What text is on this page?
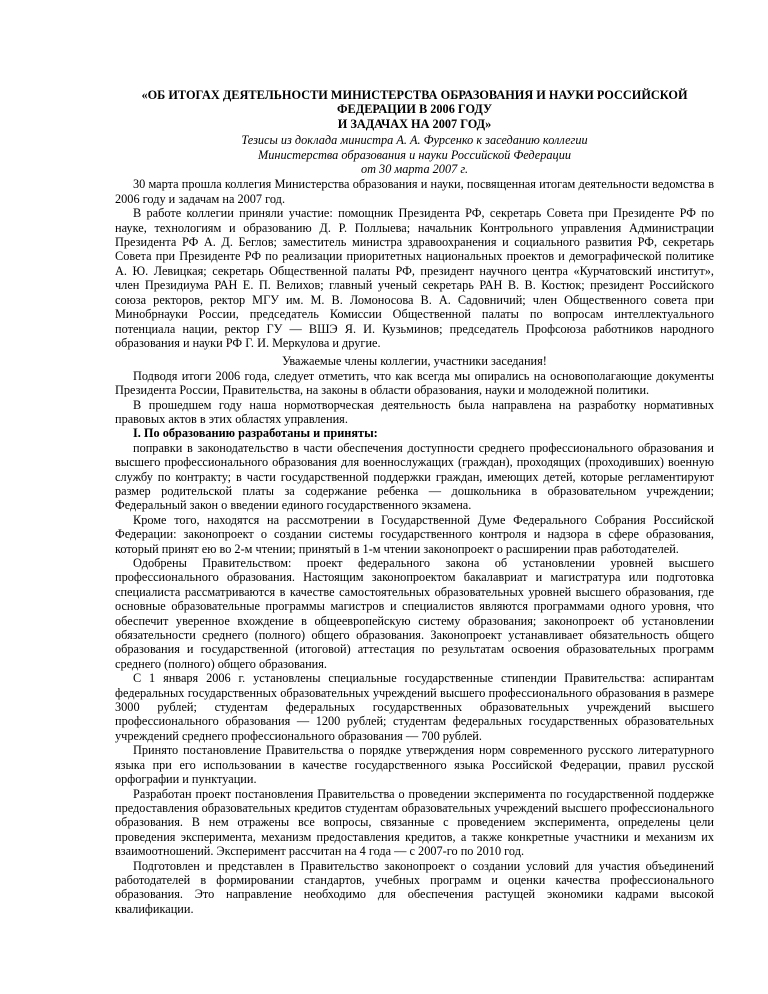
«ОБ ИТОГАХ ДЕЯТЕЛЬНОСТИ МИНИСТЕРСТВА ОБРАЗОВАНИЯ И НАУКИ РОССИЙСКОЙ
ФЕДЕРАЦИИ В 2006 ГОДУ
И ЗАДАЧАХ НА 2007 ГОД»
Тезисы из доклада министра А. А. Фурсенко к заседанию коллегии
Министерства образования и науки Российской Федерации
от 30 марта 2007 г.

30 марта прошла коллегия Министерства образования и науки, посвященная итогам деятельности ведомства в 2006 году и задачам на 2007 год.

В работе коллегии приняли участие: помощник Президента РФ, секретарь Совета при Президенте РФ по науке, технологиям и образованию Д. Р. Поллыева; начальник Контрольного управления Администрации Президента РФ А. Д. Беглов; заместитель министра здравоохранения и социального развития РФ, секретарь Совета при Президенте РФ по реализации приоритетных национальных проектов и демографической политике А. Ю. Левицкая; секретарь Общественной палаты РФ, президент научного центра «Курчатовский институт», член Президиума РАН Е. П. Велихов; главный ученый секретарь РАН В. В. Костюк; президент Российского союза ректоров, ректор МГУ им. М. В. Ломоносова В. А. Садовничий; член Общественного совета при Минобрнауки России, председатель Комиссии Общественной палаты по вопросам интеллектуального потенциала нации, ректор ГУ — ВШЭ Я. И. Кузьминов; председатель Профсоюза работников народного образования и науки РФ Г. И. Меркулова и другие.

Уважаемые члены коллегии, участники заседания!

Подводя итоги 2006 года, следует отметить, что как всегда мы опирались на основополагающие документы Президента России, Правительства, на законы в области образования, науки и молодежной политики.

В прошедшем году наша нормотворческая деятельность была направлена на разработку нормативных правовых актов в этих областях управления.

I. По образованию разработаны и приняты:

поправки в законодательство в части обеспечения доступности среднего профессионального образования и высшего профессионального образования для военнослужащих (граждан), проходящих (проходивших) военную службу по контракту; в части государственной поддержки граждан, имеющих детей, которые регламентируют размер родительской платы за содержание ребенка — дошкольника в образовательном учреждении; Федеральный закон о введении единого государственного экзамена.

Кроме того, находятся на рассмотрении в Государственной Думе Федерального Собрания Российской Федерации: законопроект о создании системы государственного контроля и надзора в сфере образования, который принят ею во 2-м чтении; принятый в 1-м чтении законопроект о расширении прав работодателей.

Одобрены Правительством: проект федерального закона об установлении уровней высшего профессионального образования. Настоящим законопроектом бакалавриат и магистратура или подготовка специалиста рассматриваются в качестве самостоятельных образовательных уровней высшего образования, где основные образовательные программы магистров и специалистов являются программами одного уровня, что обеспечит уверенное вхождение в общеевропейскую систему образования; законопроект об установлении обязательности среднего (полного) общего образования. Законопроект устанавливает обязательность общего образования и государственной (итоговой) аттестация по результатам освоения образовательных программ среднего (полного) общего образования.

С 1 января 2006 г. установлены специальные государственные стипендии Правительства: аспирантам федеральных государственных образовательных учреждений высшего профессионального образования в размере 3000 рублей; студентам федеральных государственных образовательных учреждений высшего профессионального образования — 1200 рублей; студентам федеральных государственных образовательных учреждений среднего профессионального образования — 700 рублей.

Принято постановление Правительства о порядке утверждения норм современного русского литературного языка при его использовании в качестве государственного языка Российской Федерации, правил русской орфографии и пунктуации.

Разработан проект постановления Правительства о проведении эксперимента по государственной поддержке предоставления образовательных кредитов студентам образовательных учреждений высшего профессионального образования. В нем отражены все вопросы, связанные с проведением эксперимента, определены цели проведения эксперимента, механизм предоставления кредитов, а также конкретные участники и механизм их взаимоотношений. Эксперимент рассчитан на 4 года — с 2007-го по 2010 год.

Подготовлен и представлен в Правительство законопроект о создании условий для участия объединений работодателей в формировании стандартов, учебных программ и оценки качества профессионального образования. Это направление необходимо для обеспечения растущей экономики кадрами высокой квалификации.
